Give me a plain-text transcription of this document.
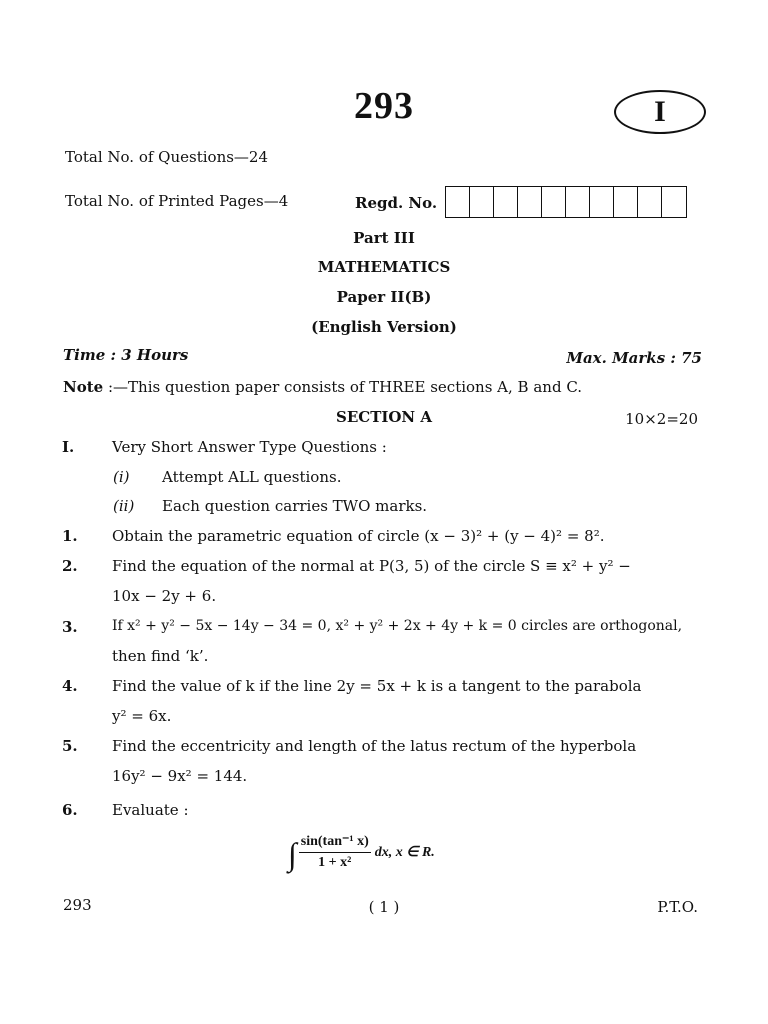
293	I
Total No. of Questions—24
Total No. of Printed Pages—4	Regd. No.
Part III
MATHEMATICS
Paper II(B)
(English Version)
Time : 3 Hours	Max. Marks : 75
Note :—This question paper consists of THREE sections A, B and C.
SECTION A	10×2=20
I.	Very Short Answer Type Questions :
(i) Attempt ALL questions.
(ii) Each question carries TWO marks.
1. Obtain the parametric equation of circle (x − 3)² + (y − 4)² = 8².
2. Find the equation of the normal at P(3, 5) of the circle S ≡ x² + y² −
10x − 2y + 6.
3. If x² + y² − 5x − 14y − 34 = 0, x² + y² + 2x + 4y + k = 0 circles are orthogonal,
then find ‘k’.
4. Find the value of k if the line 2y = 5x + k is a tangent to the parabola
y² = 6x.
5. Find the eccentricity and length of the latus rectum of the hyperbola
16y² − 9x² = 144.
6. Evaluate :
∫ $\frac{\text{sin(tan⁻¹ x)}}{\text{1 + x²}}$ dx, x ∈ R.
293	( 1 )	P.T.O.
